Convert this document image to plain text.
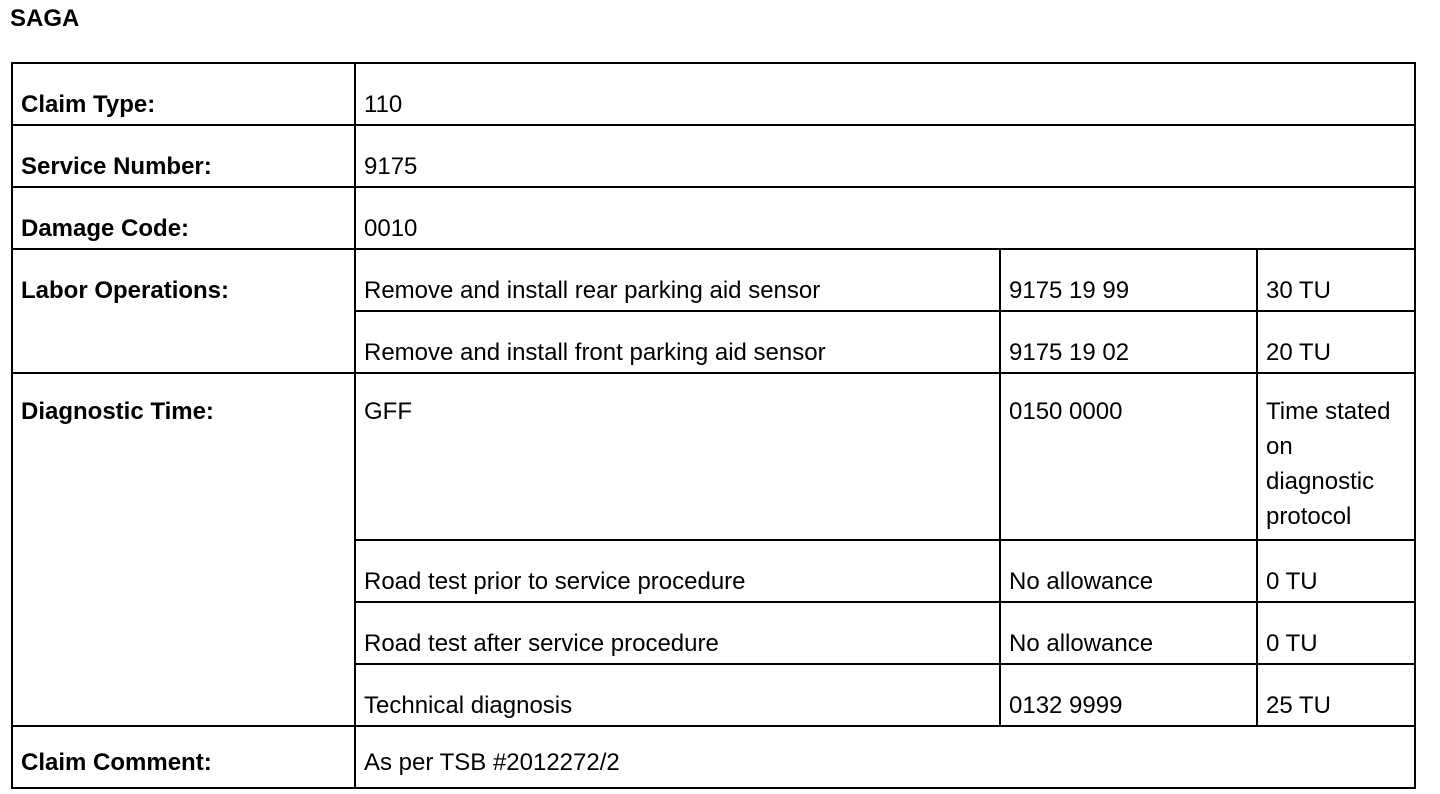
SAGA
Claim Type:	110		
Service Number:	9175		
Damage Code:	0010		
Labor Operations:	Remove and install rear parking aid sensor	9175 19 99	30 TU
	Remove and install front parking aid sensor	9175 19 02	20 TU
Diagnostic Time:	GFF	0150 0000	Time stated on diagnostic protocol
	Road test prior to service procedure	No allowance	0 TU
	Road test after service procedure	No allowance	0 TU
	Technical diagnosis	0132 9999	25 TU
Claim Comment:	As per TSB #2012272/2		
